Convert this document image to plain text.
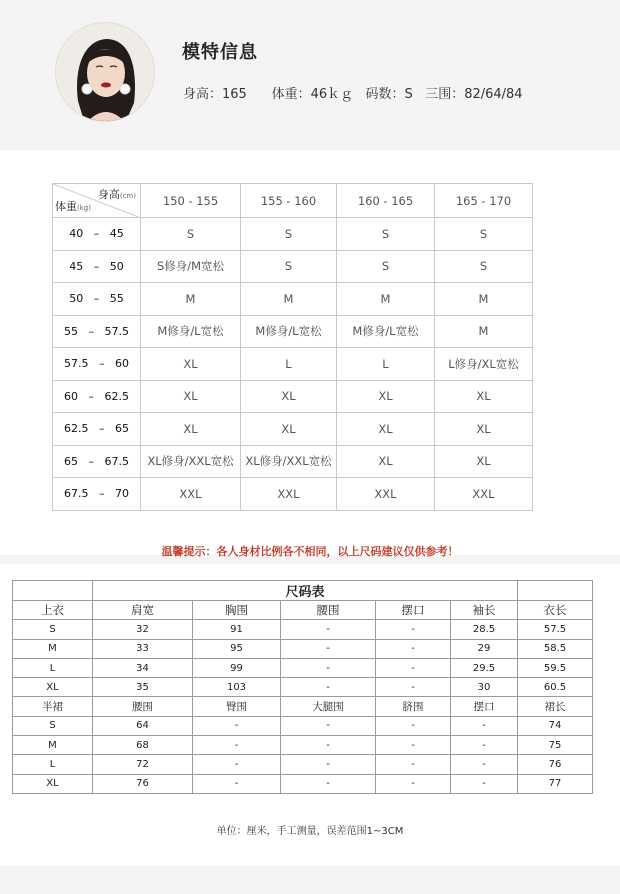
模特信息
身高：165      体重：46ｋｇ   码数：S   三围：82/64/84
身高(cm)
体重(kg)	150 - 155	155 - 160	160 - 165	165 - 170
40   –   45	S	S	S	S
45   –   50	S修身/M宽松	S	S	S
50   –   55	M	M	M	M
55   –   57.5	M修身/L宽松	M修身/L宽松	M修身/L宽松	M
57.5   –   60	XL	L	L	L修身/XL宽松
60   –   62.5	XL	XL	XL	XL
62.5   –   65	XL	XL	XL	XL
65   –   67.5	XL修身/XXL宽松	XL修身/XXL宽松	XL	XL
67.5   –   70	XXL	XXL	XXL	XXL
温馨提示：各人身材比例各不相同，以上尺码建议仅供参考！
	尺码表					
上衣	肩宽	胸围	腰围	摆口	袖长	衣长
S	32	91	-	-	28.5	57.5
M	33	95	-	-	29	58.5
L	34	99	-	-	29.5	59.5
XL	35	103	-	-	30	60.5
半裙	腰围	臀围	大腿围	脐围	摆口	裙长
S	64	-	-	-	-	74
M	68	-	-	-	-	75
L	72	-	-	-	-	76
XL	76	-	-	-	-	77
单位：厘米，手工测量，误差范围1~3CM
